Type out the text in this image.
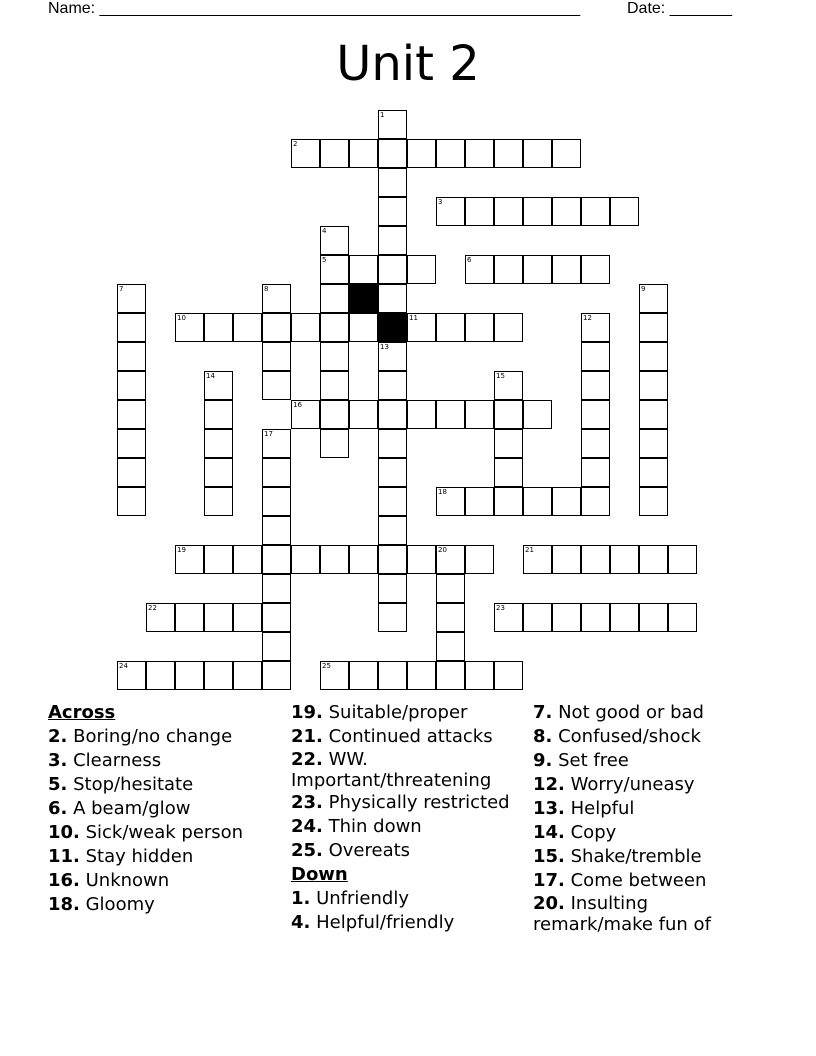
Name: ______________________________________________________	Date: _______
Unit 2
1
2
3
4
5	6
7	8	9
10	11	12
13
14	15
16
17
18
19	20	21
22	23
24	25

Across

2. Boring/no change

3. Clearness

5. Stop/hesitate

6. A beam/glow

10. Sick/weak person

11. Stay hidden

16. Unknown

18. Gloomy

19. Suitable/proper

21. Continued attacks

22. WW. Important/threatening

23. Physically restricted

24. Thin down

25. Overeats

Down

1. Unfriendly

4. Helpful/friendly

7. Not good or bad

8. Confused/shock

9. Set free

12. Worry/uneasy

13. Helpful

14. Copy

15. Shake/tremble

17. Come between

20. Insulting remark/make fun of
